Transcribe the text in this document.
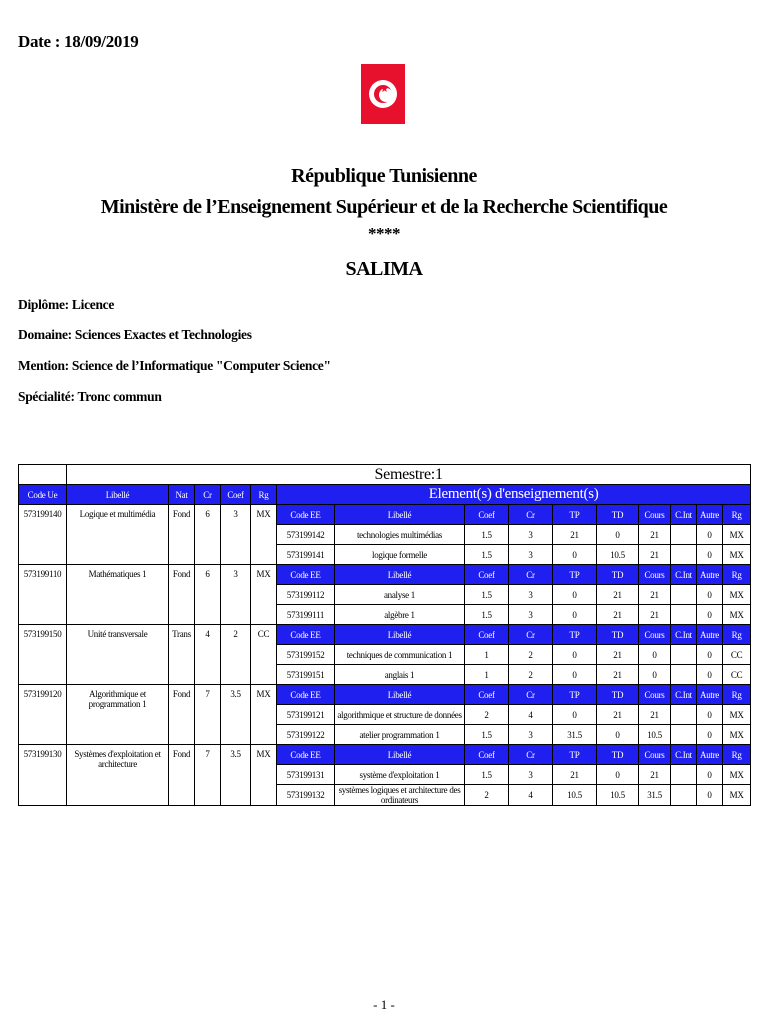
Date : 18/09/2019
★
République Tunisienne
Ministère de l’Enseignement Supérieur et de la Recherche Scientifique
****
SALIMA
Diplôme: Licence
Domaine: Sciences Exactes et Technologies
Mention: Science de l’Informatique "Computer Science"
Spécialité: Tronc commun
	Semestre:1														
Code Ue	Libellé	Nat	Cr	Coef	Rg	Element(s) d'enseignement(s)									

573199140	Logique et multimédia	Fond	6	3	MX	Code EE	Libellé	Coef	Cr	TP	TD	Cours	C.Int	Autre	Rg

						573199142	technologies multimédias	1.5	3	21	0	21		0	MX

						573199141	logique formelle	1.5	3	0	10.5	21		0	MX

573199110	Mathématiques 1	Fond	6	3	MX	Code EE	Libellé	Coef	Cr	TP	TD	Cours	C.Int	Autre	Rg

						573199112	analyse 1	1.5	3	0	21	21		0	MX

						573199111	algèbre 1	1.5	3	0	21	21		0	MX

573199150	Unité transversale	Trans	4	2	CC	Code EE	Libellé	Coef	Cr	TP	TD	Cours	C.Int	Autre	Rg

						573199152	techniques de communication 1	1	2	0	21	0		0	CC

						573199151	anglais 1	1	2	0	21	0		0	CC

573199120	Algorithmique et programmation 1	Fond	7	3.5	MX	Code EE	Libellé	Coef	Cr	TP	TD	Cours	C.Int	Autre	Rg

						573199121	algorithmique et structure de données	2	4	0	21	21		0	MX

						573199122	atelier programmation 1	1.5	3	31.5	0	10.5		0	MX

573199130	Systèmes d'exploitation et architecture	Fond	7	3.5	MX	Code EE	Libellé	Coef	Cr	TP	TD	Cours	C.Int	Autre	Rg

						573199131	système d'exploitation 1	1.5	3	21	0	21		0	MX

						573199132	systèmes logiques et architecture des ordinateurs	2	4	10.5	10.5	31.5		0	MX
- 1 -
